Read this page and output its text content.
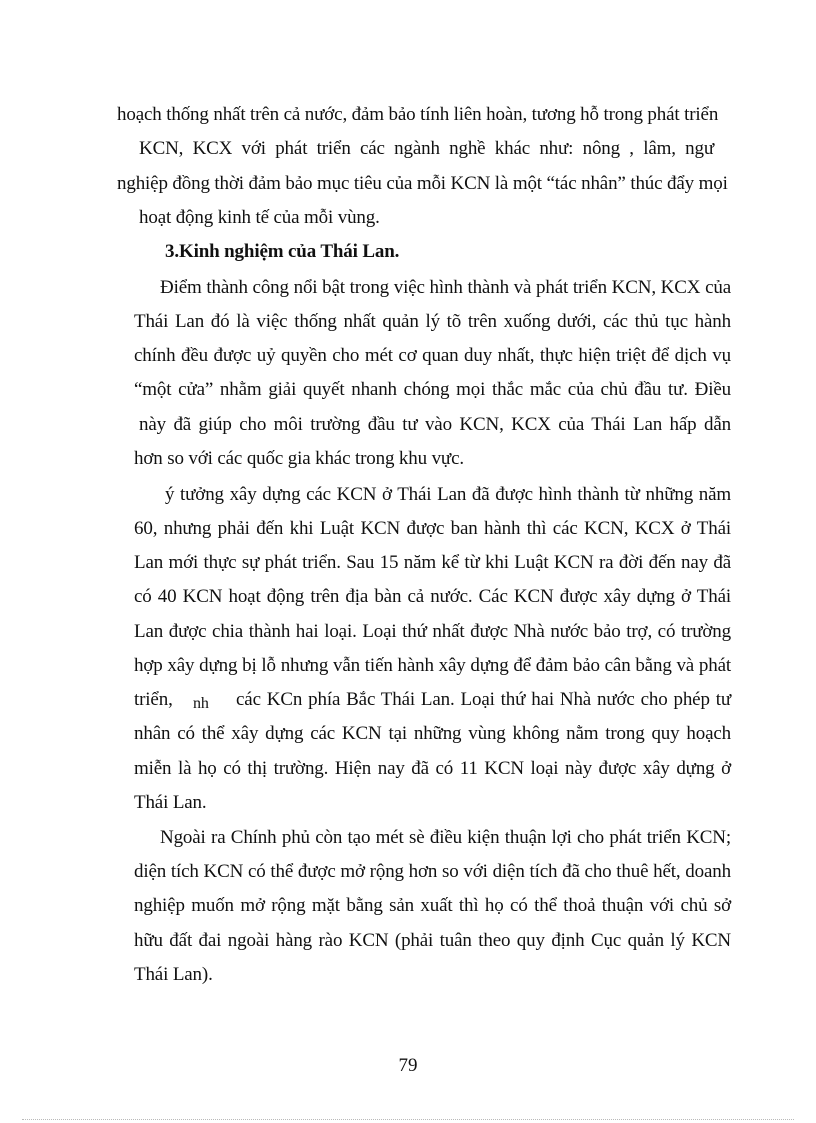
hoạch thống nhất trên cả nước, đảm bảo tính liên hoàn, tương hỗ trong phát triển
KCN, KCX với phát triển các ngành nghề khác như: nông , lâm, ngư
nghiệp đồng thời đảm bảo mục tiêu của mỗi KCN là một “tác nhân” thúc đẩy mọi
hoạt động kinh tế của mỗi vùng.
3.Kinh nghiệm của Thái Lan.
Điểm thành công nổi bật trong việc hình thành và phát triển KCN, KCX của
Thái Lan đó là việc thống nhất quản lý tõ trên xuống dưới, các thủ tục hành
chính đều được uỷ quyền cho mét cơ quan duy nhất, thực hiện triệt để dịch vụ
“một cửa” nhằm giải quyết nhanh chóng mọi thắc mắc của chủ đầu tư. Điều
này đã giúp cho môi trường đầu tư vào KCN, KCX của Thái Lan hấp dẫn
hơn so với các quốc gia khác trong khu vực.
ý tưởng xây dựng các KCN ở Thái Lan đã được hình thành từ những năm
60, nhưng phải đến khi Luật KCN được ban hành thì các KCN, KCX ở Thái
Lan mới thực sự phát triển. Sau 15 năm kể từ khi Luật KCN ra đời đến nay đã
có 40 KCN hoạt động trên địa bàn cả nước. Các KCN được xây dựng ở Thái
Lan được chia thành hai loại. Loại thứ nhất được Nhà nước bảo trợ, có trường
hợp xây dựng bị lỗ nhưng vẫn tiến hành xây dựng để đảm bảo cân bằng và phát
triển, nh các KCn phía Bắc Thái Lan. Loại thứ hai Nhà nước cho phép tư
nhân có thể xây dựng các KCN tại những vùng không nằm trong quy hoạch
miễn là họ có thị trường. Hiện nay đã có 11 KCN loại này được xây dựng ở
Thái Lan.
Ngoài ra Chính phủ còn tạo mét sè điều kiện thuận lợi cho phát triển KCN;
diện tích KCN có thể được mở rộng hơn so với diện tích đã cho thuê hết, doanh
nghiệp muốn mở rộng mặt bằng sản xuất thì họ có thể thoả thuận với chủ sở
hữu đất đai ngoài hàng rào KCN (phải tuân theo quy định Cục quản lý KCN
Thái Lan).
79
